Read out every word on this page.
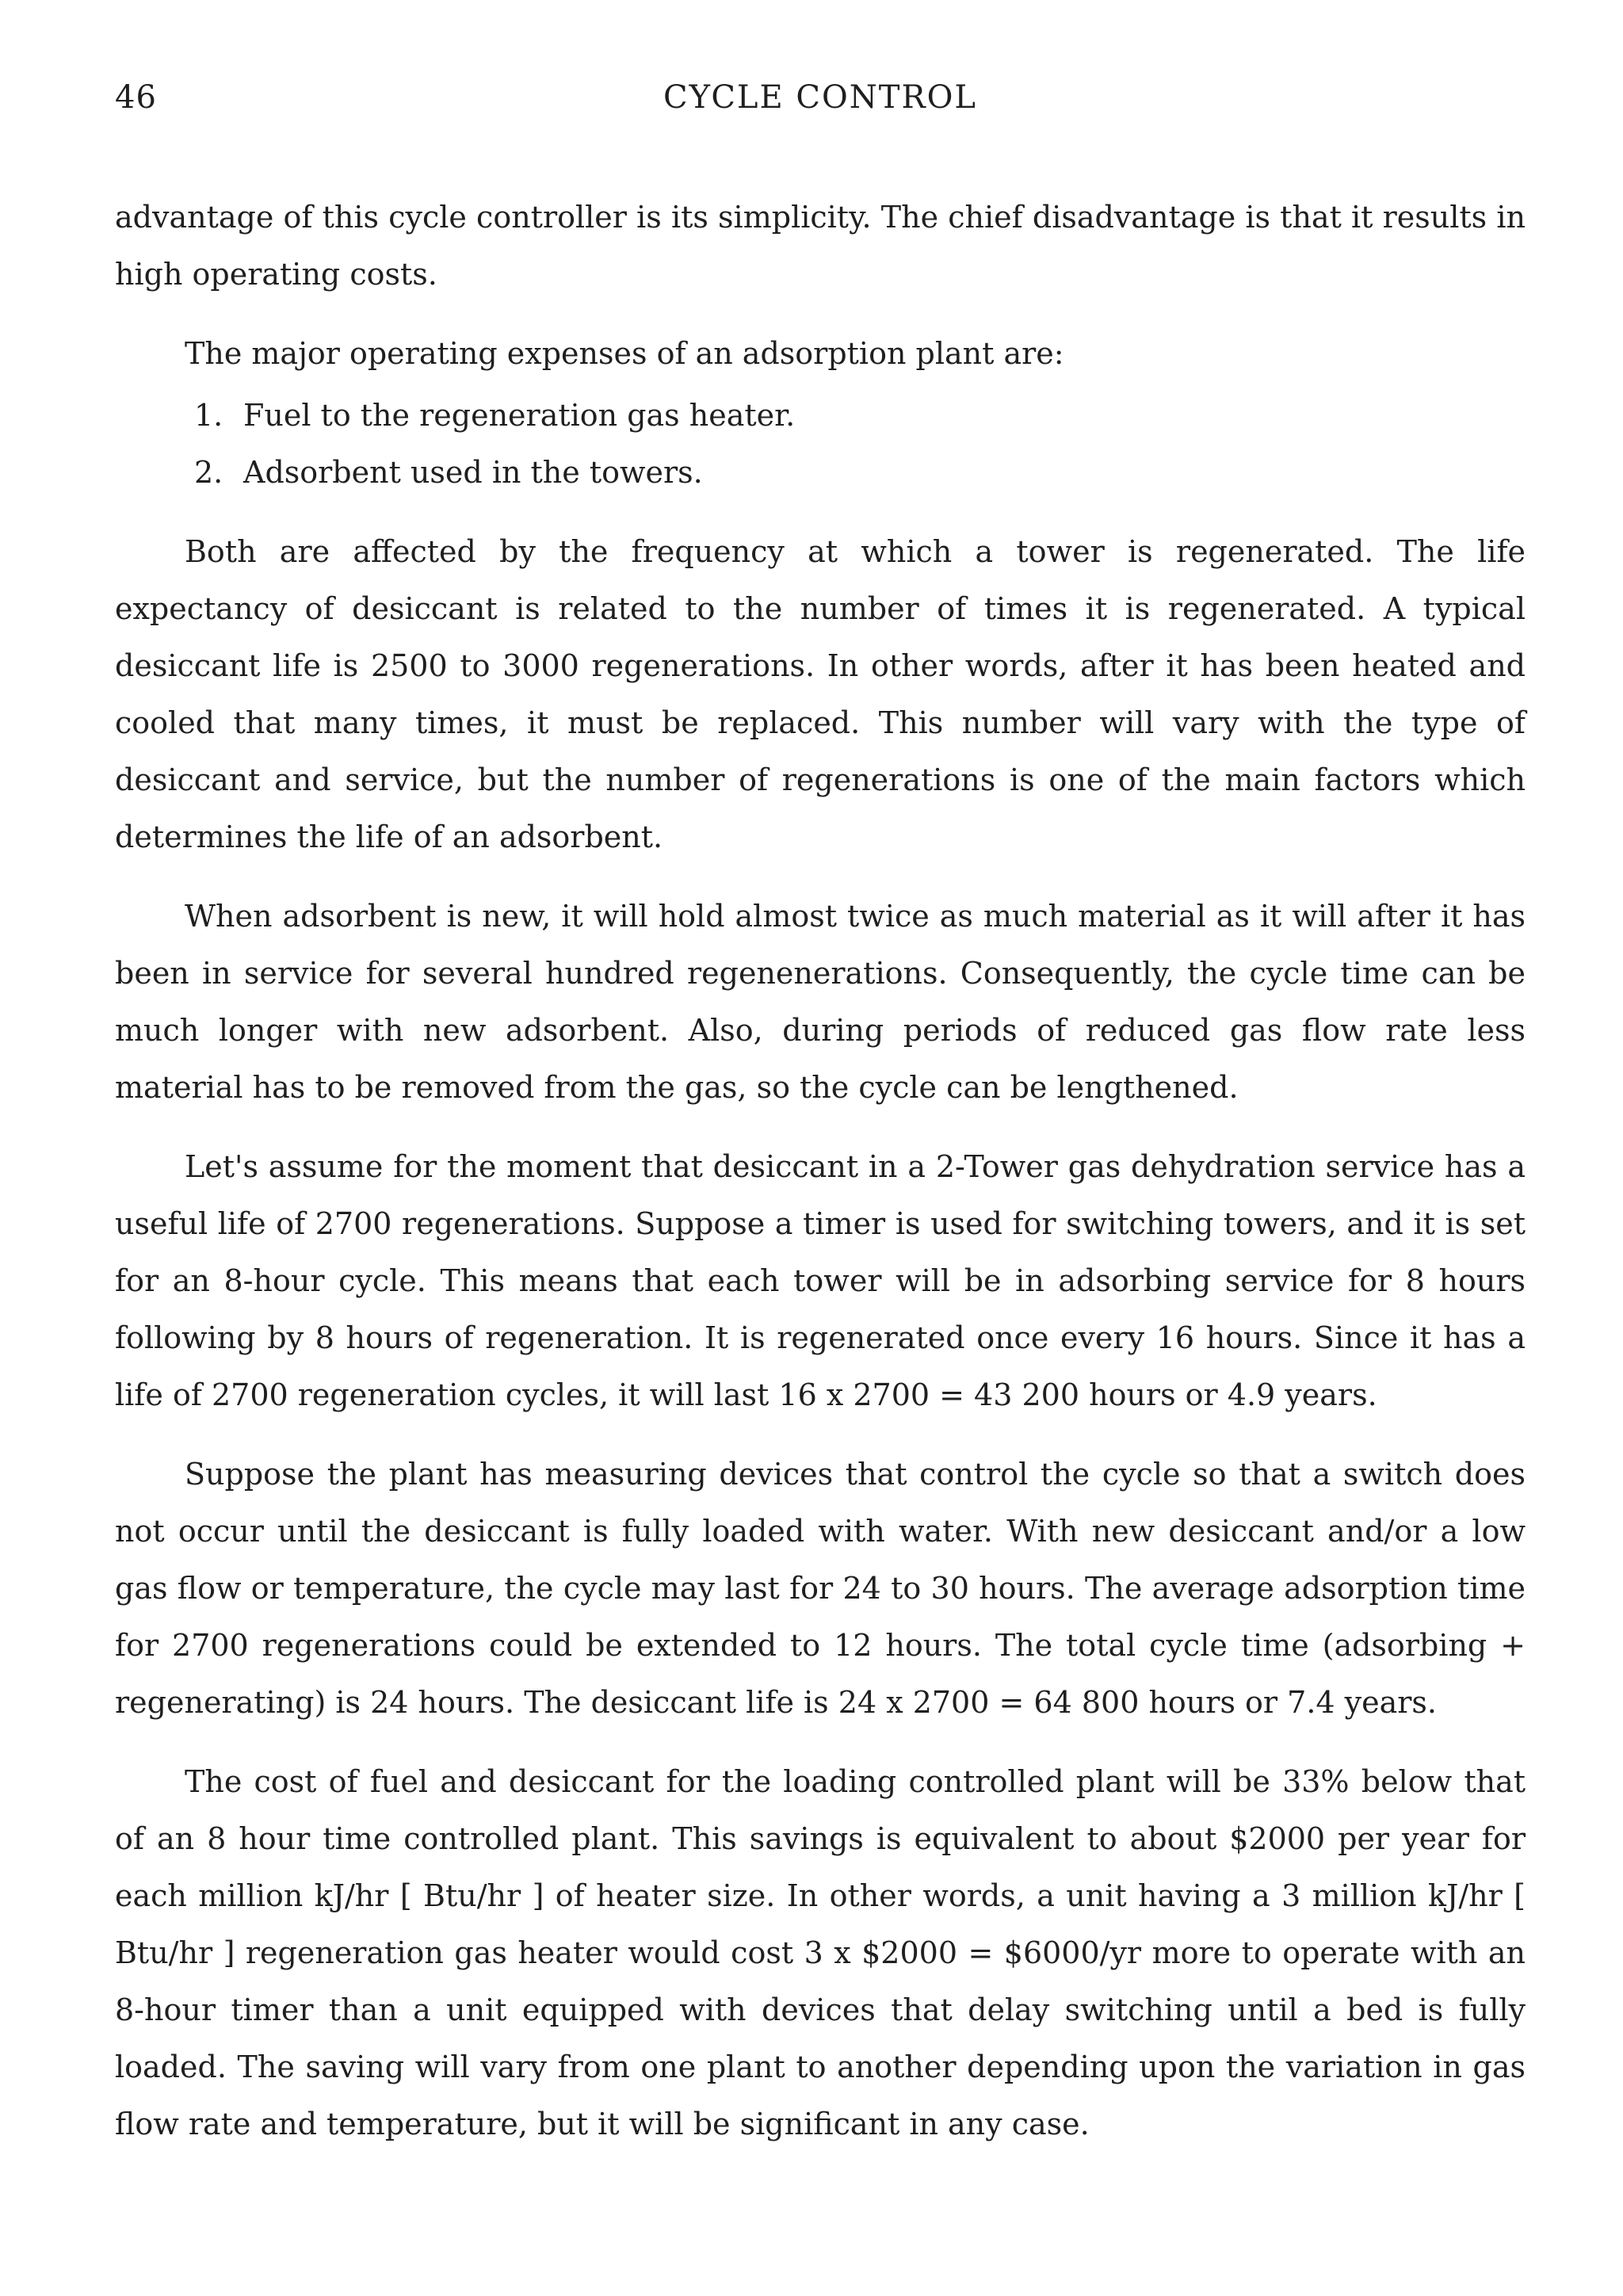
46	CYCLE CONTROL

advantage of this cycle controller is its simplicity. The chief disadvantage is that it results in high operating costs.

The major operating expenses of an adsorption plant are:

1. Fuel to the regeneration gas heater.
2. Adsorbent used in the towers.

Both are affected by the frequency at which a tower is regenerated. The life expectancy of desiccant is related to the number of times it is regenerated. A typical desiccant life is 2500 to 3000 regenerations. In other words, after it has been heated and cooled that many times, it must be replaced. This number will vary with the type of desiccant and service, but the number of regenerations is one of the main factors which determines the life of an adsorbent.

When adsorbent is new, it will hold almost twice as much material as it will after it has been in service for several hundred regenenerations. Consequently, the cycle time can be much longer with new adsorbent. Also, during periods of reduced gas flow rate less material has to be removed from the gas, so the cycle can be lengthened.

Let's assume for the moment that desiccant in a 2-Tower gas dehydration service has a useful life of 2700 regenerations. Suppose a timer is used for switching towers, and it is set for an 8-hour cycle. This means that each tower will be in adsorbing service for 8 hours following by 8 hours of regeneration. It is regenerated once every 16 hours. Since it has a life of 2700 regeneration cycles, it will last 16 x 2700 = 43 200 hours or 4.9 years.

Suppose the plant has measuring devices that control the cycle so that a switch does not occur until the desiccant is fully loaded with water. With new desiccant and/or a low gas flow or temperature, the cycle may last for 24 to 30 hours. The average adsorption time for 2700 regenerations could be extended to 12 hours. The total cycle time (adsorbing + regenerating) is 24 hours. The desiccant life is 24 x 2700 = 64 800 hours or 7.4 years.

The cost of fuel and desiccant for the loading controlled plant will be 33% below that of an 8 hour time controlled plant. This savings is equivalent to about $2000 per year for each million kJ/hr [ Btu/hr ] of heater size. In other words, a unit having a 3 million kJ/hr [ Btu/hr ] regeneration gas heater would cost 3 x $2000 = $6000/yr more to operate with an 8-hour timer than a unit equipped with devices that delay switching until a bed is fully loaded. The saving will vary from one plant to another depending upon the variation in gas flow rate and temperature, but it will be significant in any case.
